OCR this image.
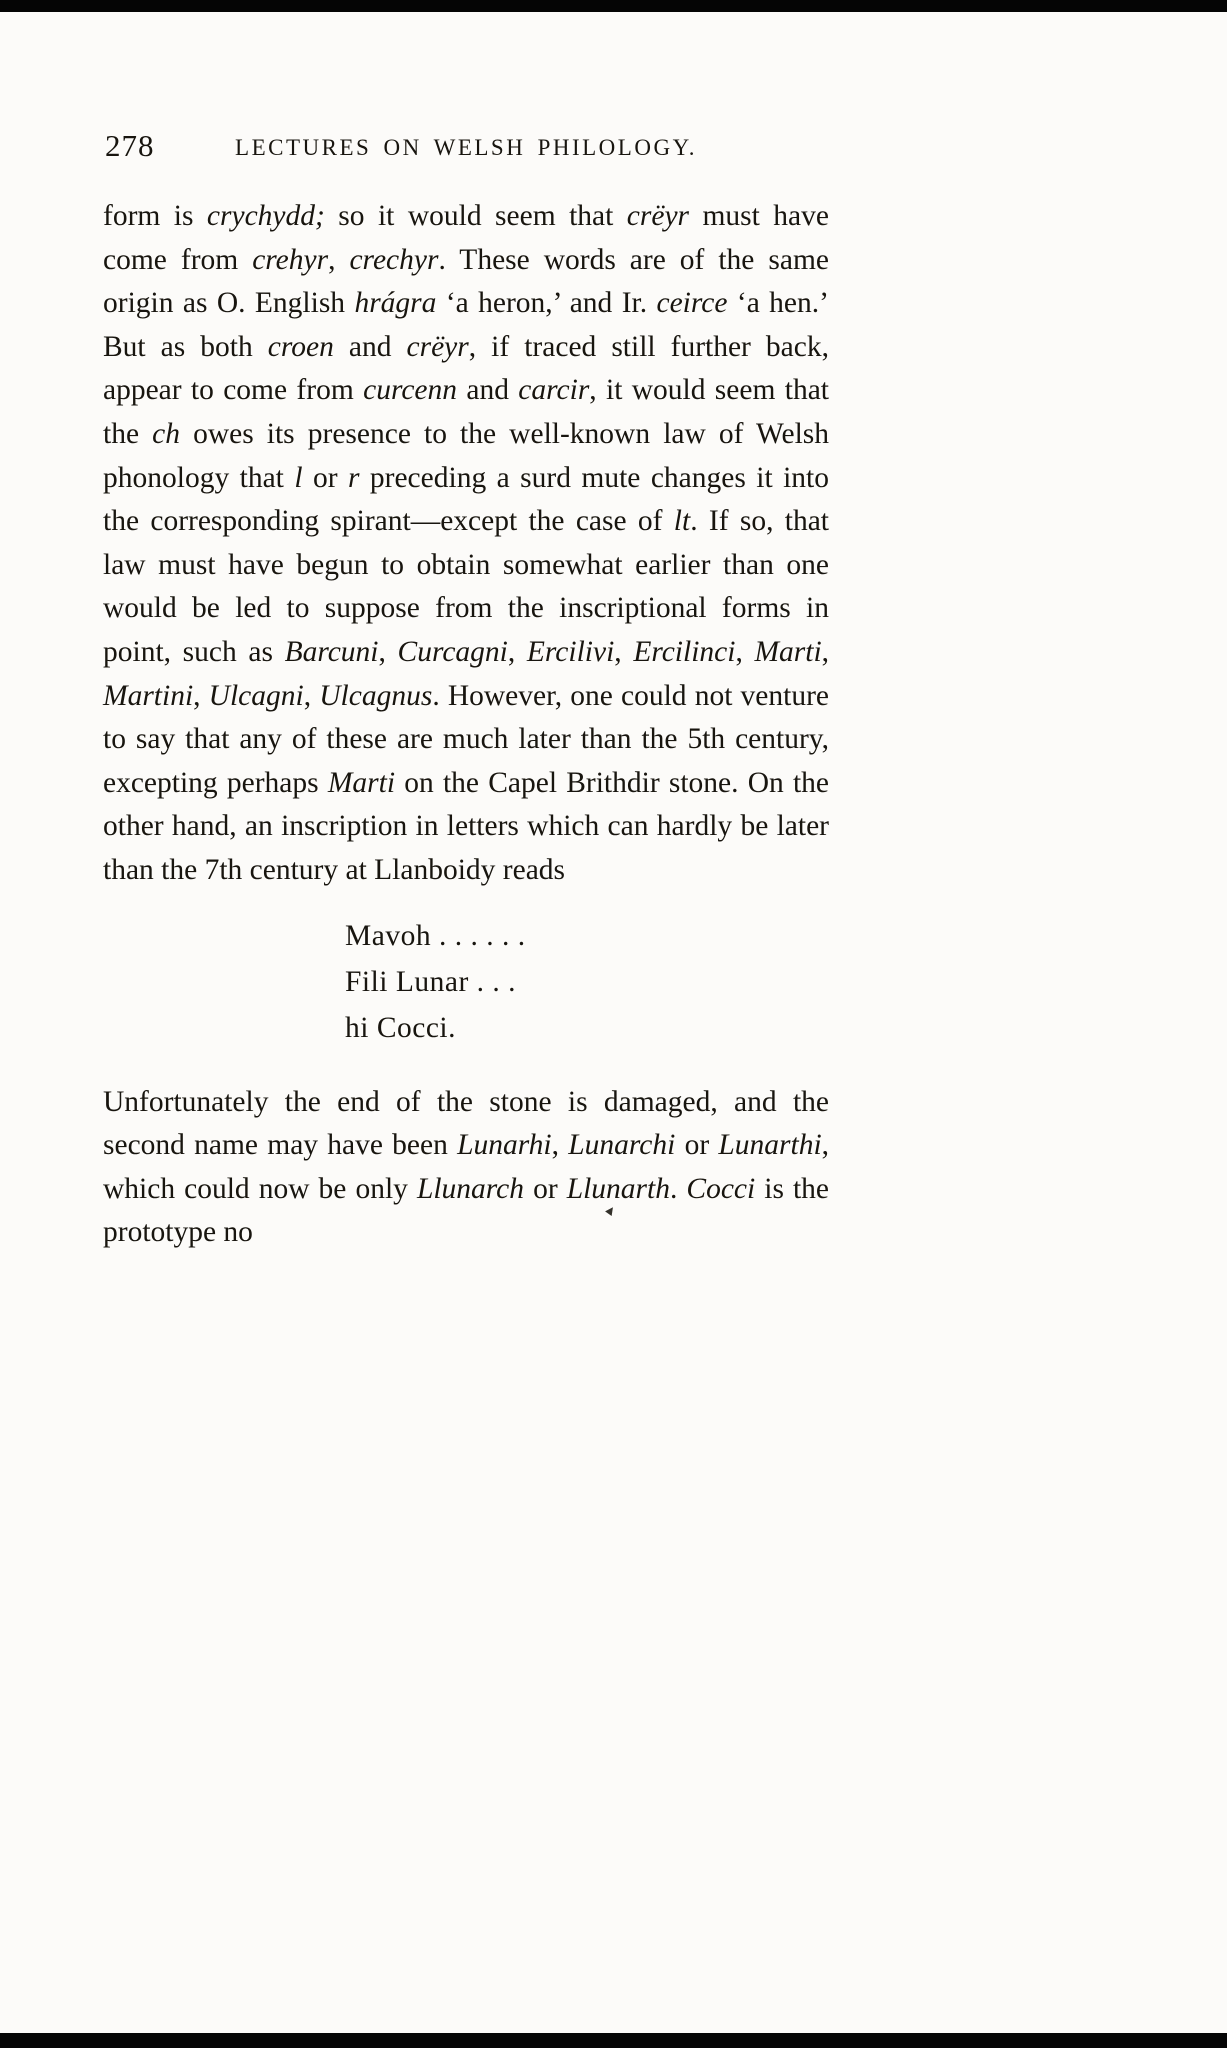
278	LECTURES ON WELSH PHILOLOGY.

form is crychydd; so it would seem that crëyr must have come from crehyr, crechyr. These words are of the same origin as O. English hrágra ‘a heron,’ and Ir. ceirce ‘a hen.’ But as both croen and crëyr, if traced still further back, appear to come from curcenn and carcir, it would seem that the ch owes its presence to the well-known law of Welsh phonology that l or r preceding a surd mute changes it into the corresponding spirant—except the case of lt. If so, that law must have begun to obtain somewhat earlier than one would be led to suppose from the inscriptional forms in point, such as Barcuni, Curcagni, Ercilivi, Ercilinci, Marti, Martini, Ulcagni, Ulcagnus. However, one could not venture to say that any of these are much later than the 5th century, excepting perhaps Marti on the Capel Brithdir stone. On the other hand, an inscription in letters which can hardly be later than the 7th century at Llanboidy reads

Mavoh . . . . . .
Fili Lunar . . .
hi Cocci.

Unfortunately the end of the stone is damaged, and the second name may have been Lunarhi, Lunarchi or Lunarthi, which could now be only Llunarch or Llunarth. Cocci is the prototype no

▸
